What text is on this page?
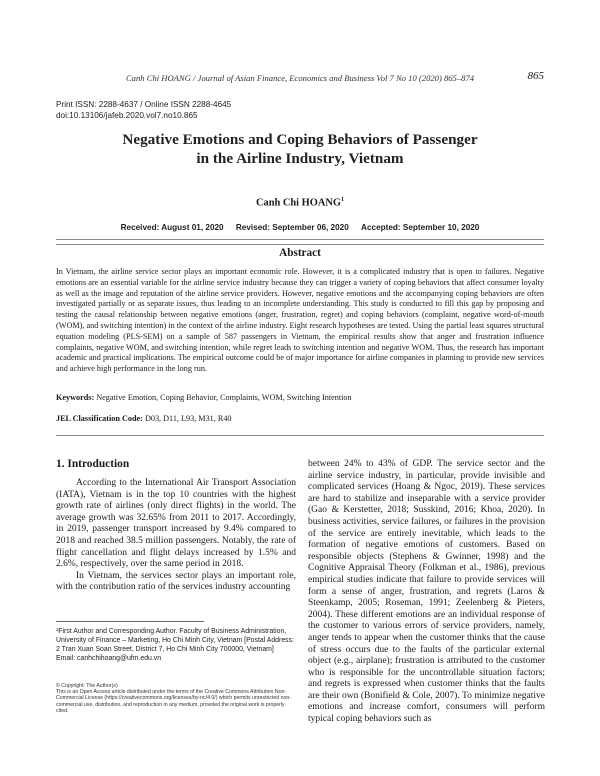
Canh Chi HOANG / Journal of Asian Finance, Economics and Business Vol 7 No 10 (2020) 865–874	865
Print ISSN: 2288-4637 / Online ISSN 2288-4645
doi:10.13106/jafeb.2020.vol7.no10.865
Negative Emotions and Coping Behaviors of Passenger
in the Airline Industry, Vietnam
Canh Chi HOANG$^1$
Received: August 01, 2020 Revised: September 06, 2020 Accepted: September 10, 2020
Abstract
In Vietnam, the airline service sector plays an important economic role. However, it is a complicated industry that is open to failures. Negative emotions are an essential variable for the airline service industry because they can trigger a variety of coping behaviors that affect consumer loyalty as well as the image and reputation of the airline service providers. However, negative emotions and the accompanying coping behaviors are often investigated partially or as separate issues, thus leading to an incomplete understanding. This study is conducted to fill this gap by proposing and testing the causal relationship between negative emotions (anger, frustration, regret) and coping behaviors (complaint, negative word-of-mouth (WOM), and switching intention) in the context of the airline industry. Eight research hypotheses are tested. Using the partial least squares structural equation modeling (PLS-SEM) on a sample of 587 passengers in Vietnam, the empirical results show that anger and frustration influence complaints, negative WOM, and switching intention, while regret leads to switching intention and negative WOM. Thus, the research has important academic and practical implications. The empirical outcome could be of major importance for airline companies in planning to provide new services and achieve high performance in the long run.
Keywords: Negative Emotion, Coping Behavior, Complaints, WOM, Switching Intention
JEL Classification Code: D03, D11, L93, M31, R40
1. Introduction

According to the International Air Transport Association (IATA), Vietnam is in the top 10 countries with the highest growth rate of airlines (only direct flights) in the world. The average growth was 32.65% from 2011 to 2017. Accordingly, in 2019, passenger transport increased by 9.4% compared to 2018 and reached 38.5 million passengers. Notably, the rate of flight cancellation and flight delays increased by 1.5% and 2.6%, respectively, over the same period in 2018.

In Vietnam, the services sector plays an important role, with the contribution ratio of the services industry accounting

between 24% to 43% of GDP. The service sector and the airline service industry, in particular, provide invisible and complicated services (Hoang & Ngoc, 2019). These services are hard to stabilize and inseparable with a service provider (Gao & Kerstetter, 2018; Susskind, 2016; Khoa, 2020). In business activities, service failures, or failures in the provision of the service are entirely inevitable, which leads to the formation of negative emotions of customers. Based on responsible objects (Stephens & Gwinner, 1998) and the Cognitive Appraisal Theory (Folkman et al., 1986), previous empirical studies indicate that failure to provide services will form a sense of anger, frustration, and regrets (Laros & Steenkamp, 2005; Roseman, 1991; Zeelenberg & Pieters, 2004). These different emotions are an individual response of the customer to various errors of service providers, namely, anger tends to appear when the customer thinks that the cause of stress occurs due to the faults of the particular external object (e.g., airplane); frustration is attributed to the customer who is responsible for the uncontrollable situation factors; and regrets is expressed when customer thinks that the faults are their own (Bonifield & Cole, 2007). To minimize negative emotions and increase comfort, consumers will perform typical coping behaviors such as
¹First Author and Corresponding Author. Faculty of Business Administration, University of Finance – Marketing, Ho Chi Minh City, Vietnam [Postal Address: 2 Tran Xuan Soan Street, District 7, Ho Chi Minh City 700000, Vietnam]
Email: canhchihoang@ufm.edu.vn
© Copyright: The Author(s)
This is an Open Access article distributed under the terms of the Creative Commons Attribution Non-Commercial License (https://creativecommons.org/licenses/by-nc/4.0/) which permits unrestricted non-commercial use, distribution, and reproduction in any medium, provided the original work is properly cited.
